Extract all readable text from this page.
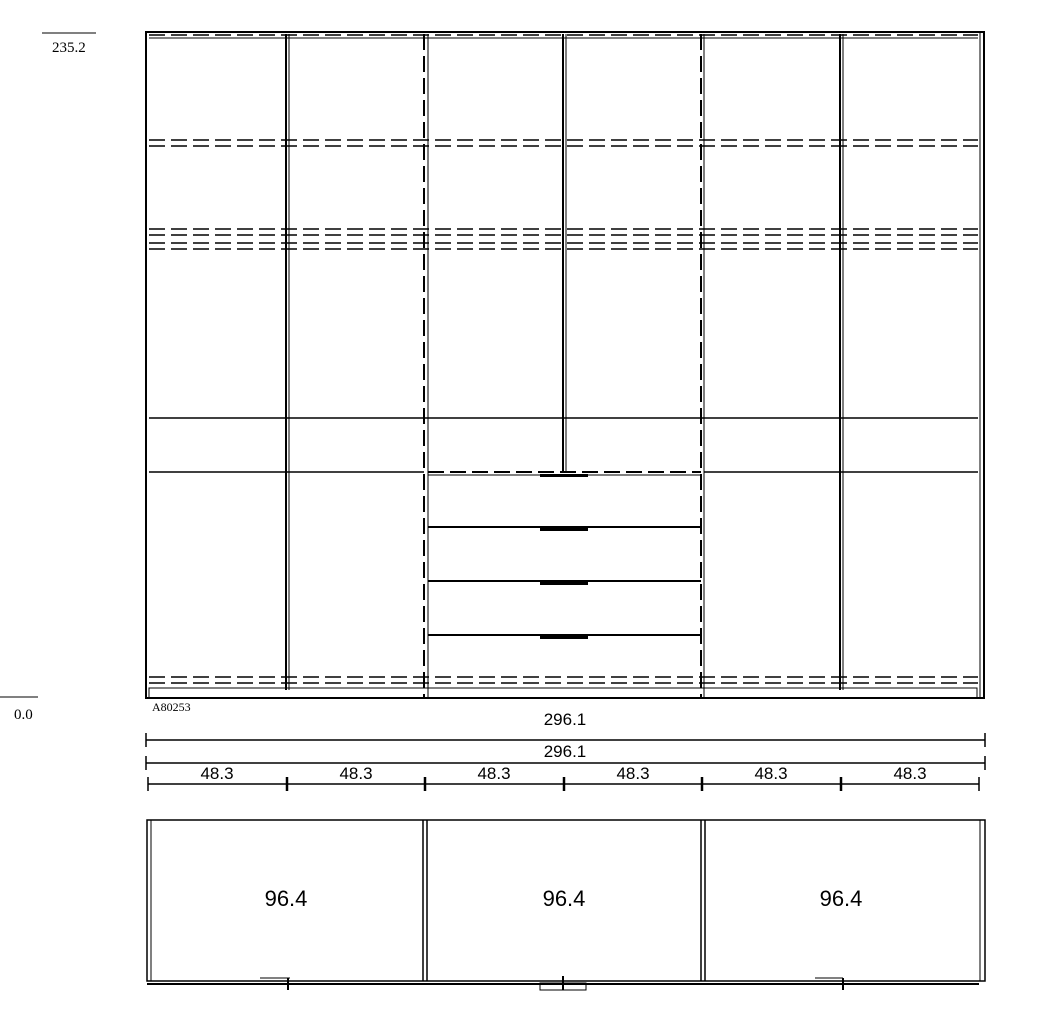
235.2
0.0	A80253
296.1
296.1
48.3	48.3	48.3	48.3	48.3	48.3
96.4	96.4	96.4
